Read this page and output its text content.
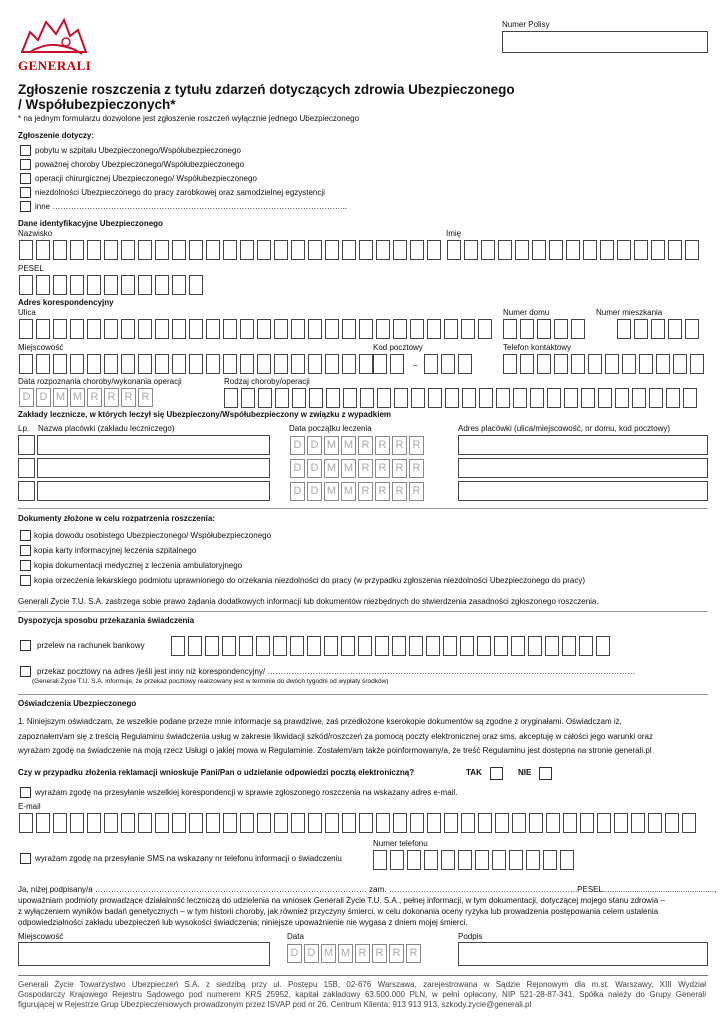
GENERALI
Numer Polisy
Zgłoszenie roszczenia z tytułu zdarzeń dotyczących zdrowia Ubezpieczonego
/ Współubezpieczonych*
* na jednym formularzu dozwolone jest zgłoszenie roszczeń wyłącznie jednego Ubezpieczonego
Zgłoszenie dotyczy:
pobytu w szpitalu Ubezpieczonego/Współubezpieczonego
poważnej choroby Ubezpieczonego/Współubezpieczonego
operacji chirurgicznej Ubezpieczonego/ Współubezpieczonego
niezdolności Ubezpieczonego do pracy zarobkowej oraz samodzielnej egzystencji
inne ………………………………………………………………………………………………...
Dane identyfikacyjne Ubezpieczonego
Nazwisko	Imię
PESEL
Adres korespondencyjny
Ulica	Numer domu	Numer mieszkania
Miejscowość	Kod pocztowy	Telefon kontaktowy
–
Data rozpoznania choroby/wykonania operacji	Rodzaj choroby/operacji
D D M M R R R R
Zakłady lecznicze, w których leczył się Ubezpieczony/Współubezpieczony w związku z wypadkiem
Lp. Nazwa placówki (zakładu leczniczego)	Data początku leczenia	Adres placówki (ulica/miejscowość, nr domu, kod pocztowy)
D D M M R R R R
D D M M R R R R
D D M M R R R R
Dokumenty złożone w celu rozpatrzenia roszczenia:
kopia dowodu osobistego Ubezpieczonego/ Współubezpieczonego
kopia karty informacyjnej leczenia szpitalnego
kopia dokumentacji medycznej z leczenia ambulatoryjnego
kopia orzeczenia lekarskiego podmiotu uprawnionego do orzekania niezdolności do pracy (w przypadku zgłoszenia niezdolności Ubezpieczonego do pracy)
Generali Życie T.U. S.A. zastrzega sobie prawo żądania dodatkowych informacji lub dokumentów niezbędnych do stwierdzenia zasadności zgłoszonego roszczenia.
Dyspozycja sposobu przekazania świadczenia
przelew na rachunek bankowy
przekaz pocztowy na adres /jeśli jest inny niż korespondencyjny/ …………………………………………………………………………………………………………………………
(Generali Życie T.U. S.A. informuje, że przekaz pocztowy realizowany jest w terminie do dwóch tygodni od wypłaty środków)
Oświadczenia Ubezpieczonego
1. Niniejszym oświadczam, że wszelkie podane przeze mnie informacje są prawdziwe, zaś przedłożone kserokopie dokumentów są zgodne z oryginałami. Oświadczam iż,
zapoznałem/am się z treścią Regulaminu świadczenia usług w zakresie likwidacji szkód/roszczeń za pomocą poczty elektronicznej oraz sms, akceptuję w całości jego warunki oraz
wyrażam zgodę na świadczenie na moją rzecz Usługi o jakiej mowa w Regulaminie. Zostałem/am także poinformowany/a, że treść Regulaminu jest dostępna na stronie generali.pl
Czy w przypadku złożenia reklamacji wnioskuje Pani/Pan o udzielanie odpowiedzi pocztą elektroniczną?	TAK	NIE
wyrażam zgodę na przesyłanie wszelkiej korespondencji w sprawie zgłoszonego roszczenia na wskazany adres e-mail.
E-mail
Numer telefonu
wyrażam zgodę na przesyłanie SMS na wskazany nr telefonu informacji o świadczeniu
Ja, niżej podpisany/a ………………………………………………………………………………………… zam. ……………………………………………………………..PESEL..................................................,
upoważniam podmioty prowadzące działalność leczniczą do udzielenia na wniosek Generali Życie T.U. S.A., pełnej informacji, w tym dokumentacji, dotyczącej mojego stanu zdrowia –
z wyłączeniem wyników badań genetycznych – w tym historii choroby, jak również przyczyny śmierci, w celu dokonania oceny ryzyka lub prowadzenia postępowania celem ustalenia
odpowiedzialności zakładu ubezpieczeń lub wysokości świadczenia; niniejsze upoważnienie nie wygasa z dniem mojej śmierci.
Miejscowość	Data	Podpis
D D M M R R R R
Generali Życie Towarzystwo Ubezpieczeń S.A. z siedzibą przy ul. Postępu 15B, 02-676 Warszawa, zarejestrowana w Sądzie Rejonowym dla m.st. Warszawy, XIII Wydział
Gospodarczy Krajowego Rejestru Sądowego pod numerem KRS 25952, kapitał zakładowy 63.500.000 PLN, w pełni opłacony, NIP 521-28-87-341. Spółka należy do Grupy Generali
figurującej w Rejestrze Grup Ubezpieczeniowych prowadzonym przez ISVAP pod nr 26. Centrum Klienta: 913 913 913, szkody.zycie@generali.pl
